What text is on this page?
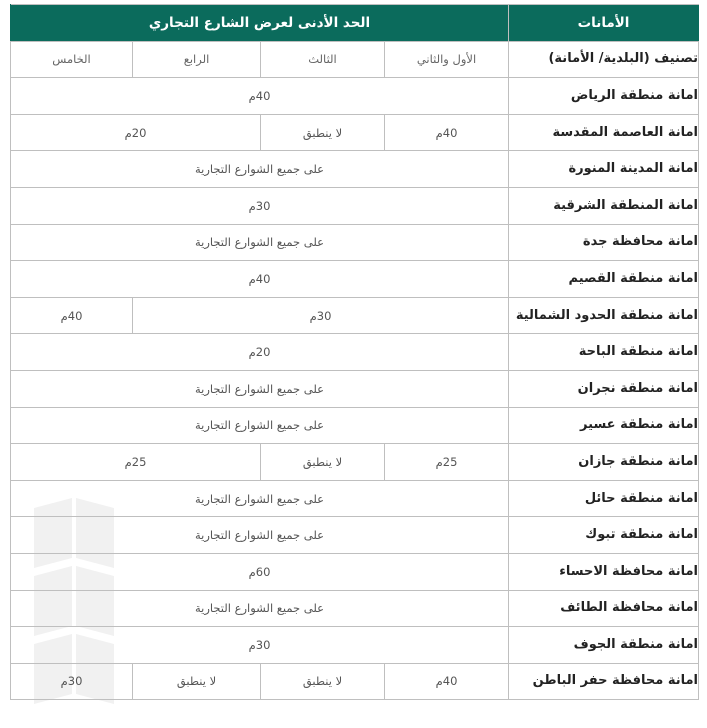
الأمانات	الحد الأدنى لعرض الشارع التجاري			
تصنيف (البلدية/ الأمانة)	الأول والثاني	الثالث	الرابع	الخامس
امانة منطقة الرياض	40م			
امانة العاصمة المقدسة	40م	لا ينطبق	20م	
امانة المدينة المنورة	على جميع الشوارع التجارية			
امانة المنطقة الشرقية	30م			
امانة محافظة جدة	على جميع الشوارع التجارية			
امانة منطقة القصيم	40م			
امانة منطقة الحدود الشمالية	30م			40م
امانة منطقة الباحة	20م			
امانة منطقة نجران	على جميع الشوارع التجارية			
امانة منطقة عسير	على جميع الشوارع التجارية			
امانة منطقة جازان	25م	لا ينطبق	25م	
امانة منطقة حائل	على جميع الشوارع التجارية			
امانة منطقة تبوك	على جميع الشوارع التجارية			
امانة محافظة الاحساء	60م			
امانة محافظة الطائف	على جميع الشوارع التجارية			
امانة منطقة الجوف	30م			
امانة محافظة حفر الباطن	40م	لا ينطبق	لا ينطبق	30م
